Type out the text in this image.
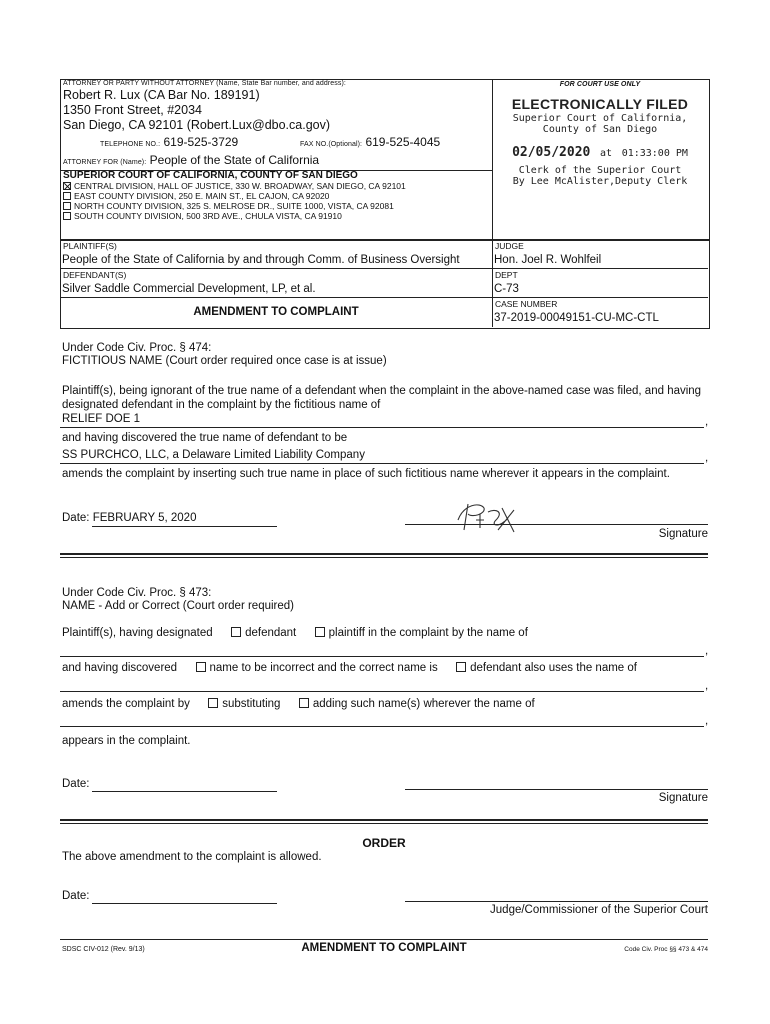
ATTORNEY OR PARTY WITHOUT ATTORNEY (Name, State Bar number, and address):
Robert R. Lux (CA Bar No. 189191)
1350 Front Street, #2034
San Diego, CA 92101 (Robert.Lux@dbo.ca.gov)
TELEPHONE NO.: 619-525-3729	FAX NO.(Optional): 619-525-4045
ATTORNEY FOR (Name): People of the State of California
SUPERIOR COURT OF CALIFORNIA, COUNTY OF SAN DIEGO
CENTRAL DIVISION, HALL OF JUSTICE, 330 W. BROADWAY, SAN DIEGO, CA 92101
EAST COUNTY DIVISION, 250 E. MAIN ST., EL CAJON, CA 92020
NORTH COUNTY DIVISION, 325 S. MELROSE DR., SUITE 1000, VISTA, CA 92081
SOUTH COUNTY DIVISION, 500 3RD AVE., CHULA VISTA, CA 91910
FOR COURT USE ONLY
ELECTRONICALLY FILED
Superior Court of California,
County of San Diego
02/05/2020 at 01:33:00 PM
Clerk of the Superior Court
By Lee McAlister,Deputy Clerk
PLAINTIFF(S)
People of the State of California by and through Comm. of Business Oversight
DEFENDANT(S)
Silver Saddle Commercial Development, LP, et al.
AMENDMENT TO COMPLAINT
JUDGE
Hon. Joel R. Wohlfeil
DEPT
C-73
CASE NUMBER
37-2019-00049151-CU-MC-CTL
Under Code Civ. Proc. § 474:
FICTITIOUS NAME (Court order required once case is at issue)
Plaintiff(s), being ignorant of the true name of a defendant when the complaint in the above-named case was filed, and having designated defendant in the complaint by the fictitious name of
RELIEF DOE 1	,
and having discovered the true name of defendant to be
SS PURCHCO, LLC, a Delaware Limited Liability Company	,
amends the complaint by inserting such true name in place of such fictitious name wherever it appears in the complaint.
Date: FEBRUARY 5, 2020
Signature
Under Code Civ. Proc. § 473:
NAME - Add or Correct (Court order required)
Plaintiff(s), having designated	defendant	plaintiff in the complaint by the name of
,
and having discovered	name to be incorrect and the correct name is	defendant also uses the name of
,
amends the complaint by	substituting	adding such name(s) wherever the name of
,
appears in the complaint.
Date:
Signature
ORDER
The above amendment to the complaint is allowed.
Date:
Judge/Commissioner of the Superior Court
SDSC CIV-012 (Rev. 9/13)	AMENDMENT TO COMPLAINT	Code Civ. Proc §§ 473 & 474
